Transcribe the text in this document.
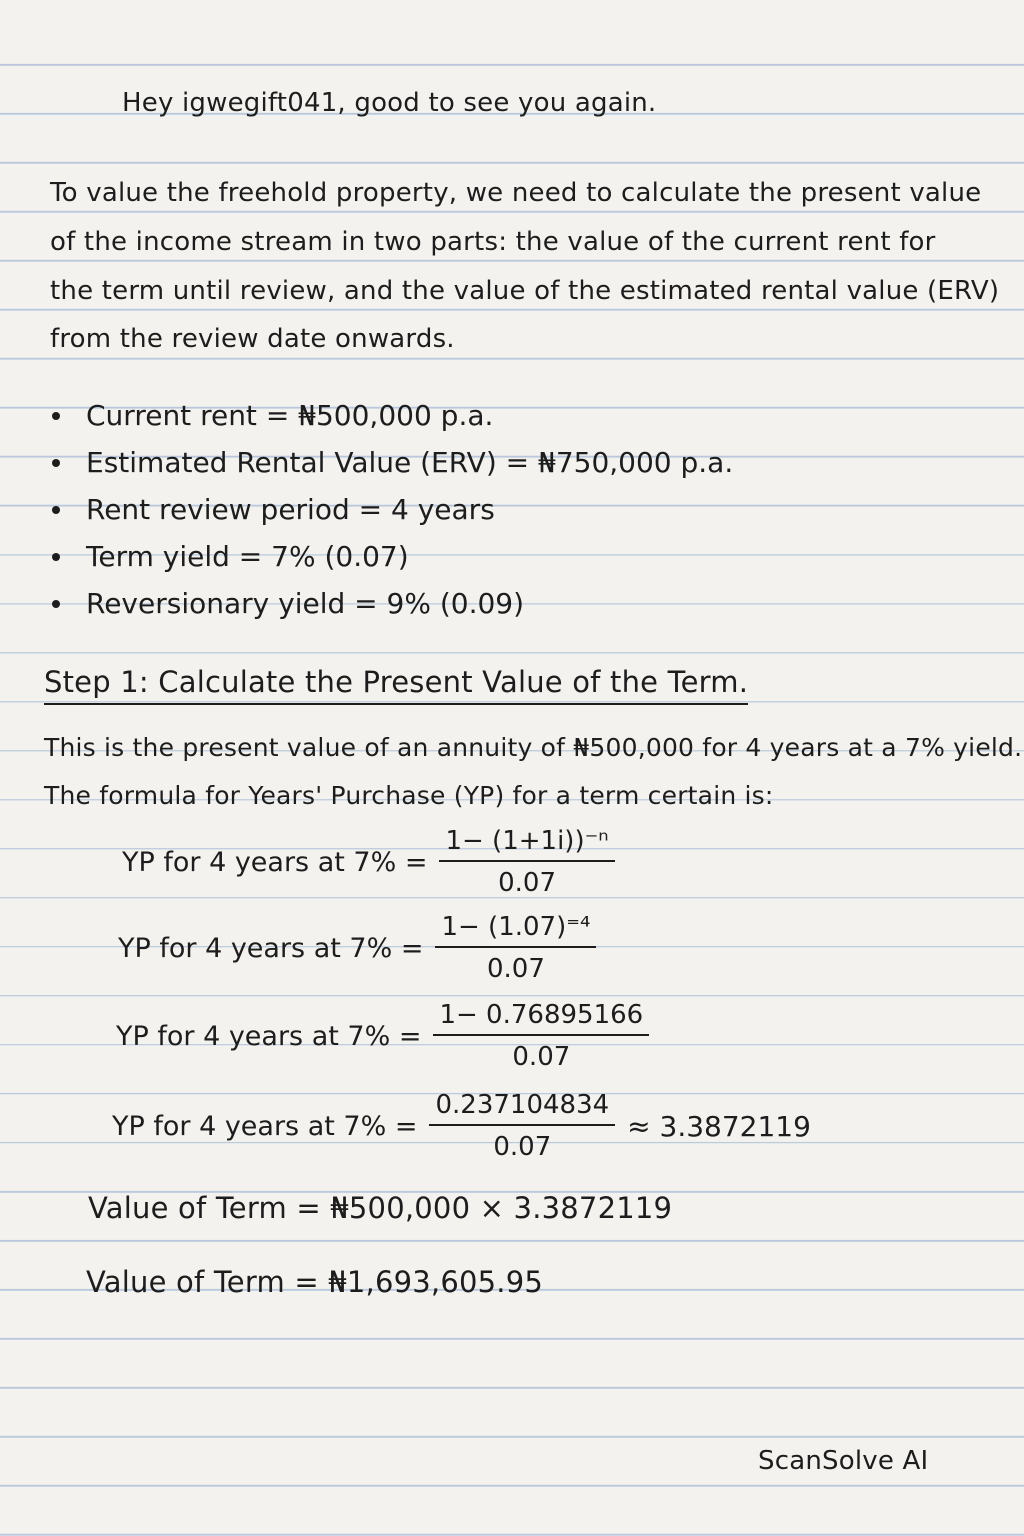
Hey igwegift041, good to see you again.
To value the freehold property, we need to calculate the present value
of the income stream in two parts: the value of the current rent for
the term until review, and the value of the estimated rental value (ERV)
from the review date onwards.
Current rent = ₦500,000 p.a.
Estimated Rental Value (ERV) = ₦750,000 p.a.
Rent review period = 4 years
Term yield = 7% (0.07)
Reversionary yield = 9% (0.09)
Step 1: Calculate the Present Value of the Term.
This is the present value of an annuity of ₦500,000 for 4 years at a 7% yield.
The formula for Years' Purchase (YP) for a term certain is:
YP for 4 years at $7\% = \frac{\text{1− (1+1i))⁻ⁿ}}{0.07}$
YP for 4 years at $7\% = \frac{\text{1− (1.07)⁼⁴}}{0.07}$
YP for 4 years at $7\% = \frac{1- 0.76895166}{0.07}$
YP for 4 years at $7\% = \frac{0.237104834}{0.07} \approx 3.3872119$
Value of Term = ₦500,000 × 3.3872119
Value of Term = ₦1,693,605.95
ScanSolve AI
